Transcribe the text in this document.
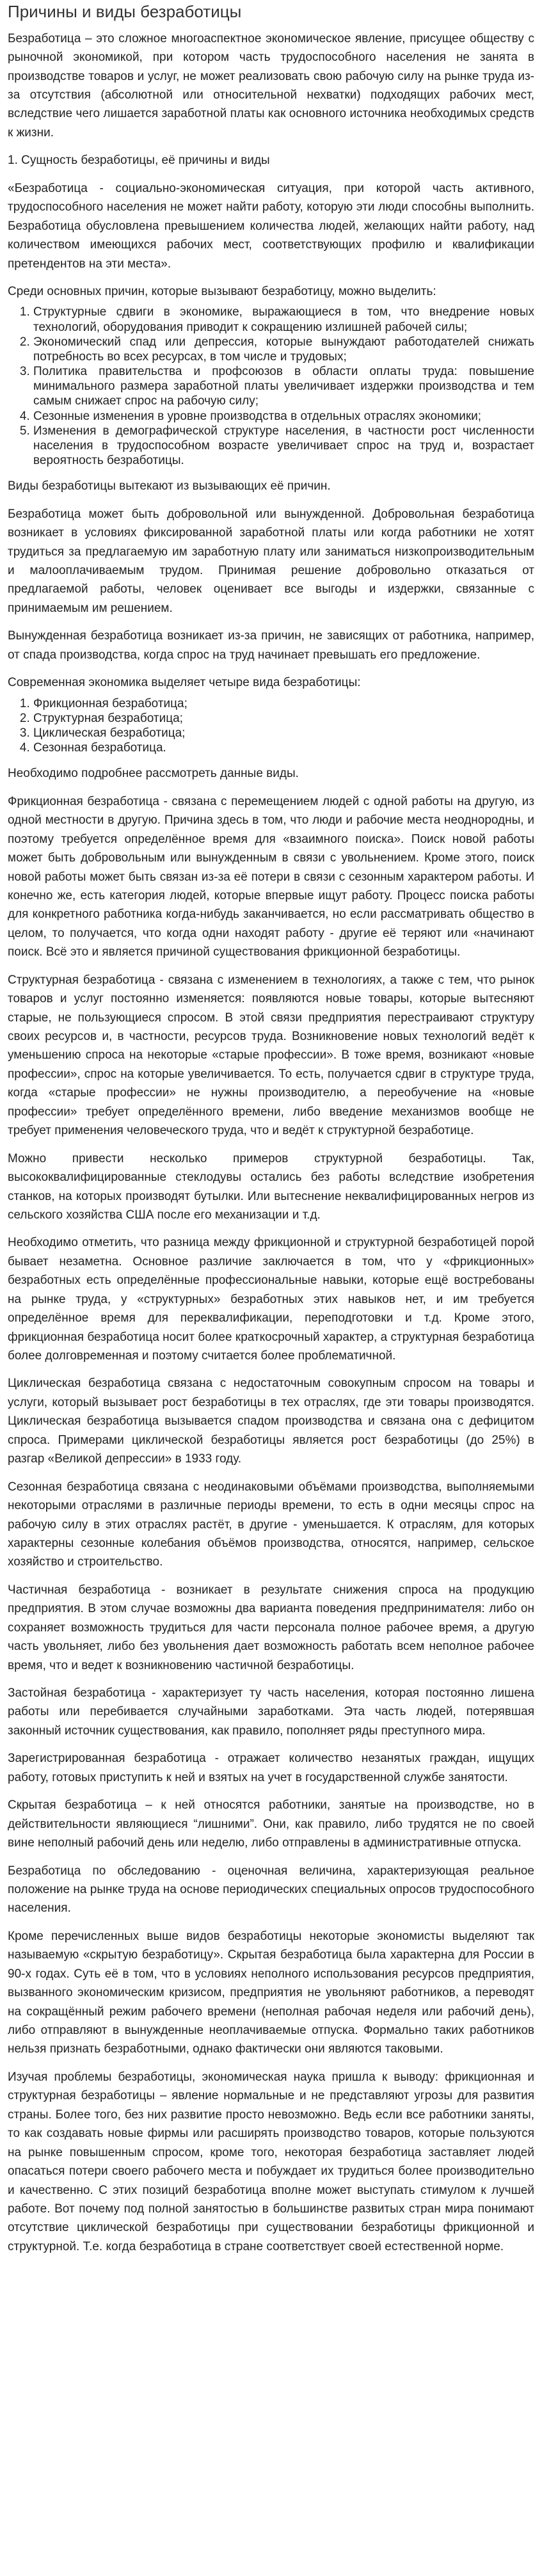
Причины и виды безработицы

Безработица – это сложное многоаспектное экономическое явление, присущее обществу с рыночной экономикой, при котором часть трудоспособного населения не занята в производстве товаров и услуг, не может реализовать свою рабочую силу на рынке труда из-за отсутствия (абсолютной или относительной нехватки) подходящих рабочих мест, вследствие чего лишается заработной платы как основного источника необходимых средств к жизни.

1. Сущность безработицы, её причины и виды

«Безработица - социально-экономическая ситуация, при которой часть активного, трудоспособного населения не может найти работу, которую эти люди способны выполнить. Безработица обусловлена превышением количества людей, желающих найти работу, над количеством имеющихся рабочих мест, соответствующих профилю и квалификации претендентов на эти места».

Среди основных причин, которые вызывают безработицу, можно выделить:

1. Структурные сдвиги в экономике, выражающиеся в том, что внедрение новых технологий, оборудования приводит к сокращению излишней рабочей силы;
2. Экономический спад или депрессия, которые вынуждают работодателей снижать потребность во всех ресурсах, в том числе и трудовых;
3. Политика правительства и профсоюзов в области оплаты труда: повышение минимального размера заработной платы увеличивает издержки производства и тем самым снижает спрос на рабочую силу;
4. Сезонные изменения в уровне производства в отдельных отраслях экономики;
5. Изменения в демографической структуре населения, в частности рост численности населения в трудоспособном возрасте увеличивает спрос на труд и, возрастает вероятность безработицы.

Виды безработицы вытекают из вызывающих её причин.

Безработица может быть добровольной или вынужденной. Добровольная безработица возникает в условиях фиксированной заработной платы или когда работники не хотят трудиться за предлагаемую им заработную плату или заниматься низкопроизводительным и малооплачиваемым трудом. Принимая решение добровольно отказаться от предлагаемой работы, человек оценивает все выгоды и издержки, связанные с принимаемым им решением.

Вынужденная безработица возникает из-за причин, не зависящих от работника, например, от спада производства, когда спрос на труд начинает превышать его предложение.

Современная экономика выделяет четыре вида безработицы:

1. Фрикционная безработица;
2. Структурная безработица;
3. Циклическая безработица;
4. Сезонная безработица.

Необходимо подробнее рассмотреть данные виды.

Фрикционная безработица - связана с перемещением людей с одной работы на другую, из одной местности в другую. Причина здесь в том, что люди и рабочие места неоднородны, и поэтому требуется определённое время для «взаимного поиска». Поиск новой работы может быть добровольным или вынужденным в связи с увольнением. Кроме этого, поиск новой работы может быть связан из-за её потери в связи с сезонным характером работы. И конечно же, есть категория людей, которые впервые ищут работу. Процесс поиска работы для конкретного работника когда-нибудь заканчивается, но если рассматривать общество в целом, то получается, что когда одни находят работу - другие её теряют или «начинают поиск. Всё это и является причиной существования фрикционной безработицы.

Структурная безработица - связана с изменением в технологиях, а также с тем, что рынок товаров и услуг постоянно изменяется: появляются новые товары, которые вытесняют старые, не пользующиеся спросом. В этой связи предприятия перестраивают структуру своих ресурсов и, в частности, ресурсов труда. Возникновение новых технологий ведёт к уменьшению спроса на некоторые «старые профессии». В тоже время, возникают «новые профессии», спрос на которые увеличивается. То есть, получается сдвиг в структуре труда, когда «старые профессии» не нужны производителю, а переобучение на «новые профессии» требует определённого времени, либо введение механизмов вообще не требует применения человеческого труда, что и ведёт к структурной безработице.

Можно привести несколько примеров структурной безработицы. Так, высококвалифицированные стеклодувы остались без работы вследствие изобретения станков, на которых производят бутылки. Или вытеснение неквалифицированных негров из сельского хозяйства США после его механизации и т.д.

Необходимо отметить, что разница между фрикционной и структурной безработицей порой бывает незаметна. Основное различие заключается в том, что у «фрикционных» безработных есть определённые профессиональные навыки, которые ещё востребованы на рынке труда, у «структурных» безработных этих навыков нет, и им требуется определённое время для переквалификации, переподготовки и т.д. Кроме этого, фрикционная безработица носит более краткосрочный характер, а структурная безработица более долговременная и поэтому считается более проблематичной.

Циклическая безработица связана с недостаточным совокупным спросом на товары и услуги, который вызывает рост безработицы в тех отраслях, где эти товары производятся. Циклическая безработица вызывается спадом производства и связана она с дефицитом спроса. Примерами циклической безработицы является рост безработицы (до 25%) в разгар «Великой депрессии» в 1933 году.

Сезонная безработица связана с неодинаковыми объёмами производства, выполняемыми некоторыми отраслями в различные периоды времени, то есть в одни месяцы спрос на рабочую силу в этих отраслях растёт, в другие - уменьшается. К отраслям, для которых характерны сезонные колебания объёмов производства, относятся, например, сельское хозяйство и строительство.

Частичная безработица - возникает в результате снижения спроса на продукцию предприятия. В этом случае возможны два варианта поведения предпринимателя: либо он сохраняет возможность трудиться для части персонала полное рабочее время, а другую часть увольняет, либо без увольнения дает возможность работать всем неполное рабочее время, что и ведет к возникновению частичной безработицы.

Застойная безработица - характеризует ту часть населения, которая постоянно лишена работы или перебивается случайными заработками. Эта часть людей, потерявшая законный источник существования, как правило, пополняет ряды преступного мира.

Зарегистрированная безработица - отражает количество незанятых граждан, ищущих работу, готовых приступить к ней и взятых на учет в государственной службе занятости.

Скрытая безработица – к ней относятся работники, занятые на производстве, но в действительности являющиеся “лишними”. Они, как правило, либо трудятся не по своей вине неполный рабочий день или неделю, либо отправлены в административные отпуска.

Безработица по обследованию - оценочная величина, характеризующая реальное положение на рынке труда на основе периодических специальных опросов трудоспособного населения.

Кроме перечисленных выше видов безработицы некоторые экономисты выделяют так называемую «скрытую безработицу». Скрытая безработица была характерна для России в 90-х годах. Суть её в том, что в условиях неполного использования ресурсов предприятия, вызванного экономическим кризисом, предприятия не увольняют работников, а переводят на сокращённый режим рабочего времени (неполная рабочая неделя или рабочий день), либо отправляют в вынужденные неоплачиваемые отпуска. Формально таких работников нельзя признать безработными, однако фактически они являются таковыми.

Изучая проблемы безработицы, экономическая наука пришла к выводу: фрикционная и структурная безработицы – явление нормальные и не представляют угрозы для развития страны. Более того, без них развитие просто невозможно. Ведь если все работники заняты, то как создавать новые фирмы или расширять производство товаров, которые пользуются на рынке повышенным спросом, кроме того, некоторая безработица заставляет людей опасаться потери своего рабочего места и побуждает их трудиться более производительно и качественно. С этих позиций безработица вполне может выступать стимулом к лучшей работе. Вот почему под полной занятостью в большинстве развитых стран мира понимают отсутствие циклической безработицы при существовании безработицы фрикционной и структурной. Т.е. когда безработица в стране соответствует своей естественной норме.
